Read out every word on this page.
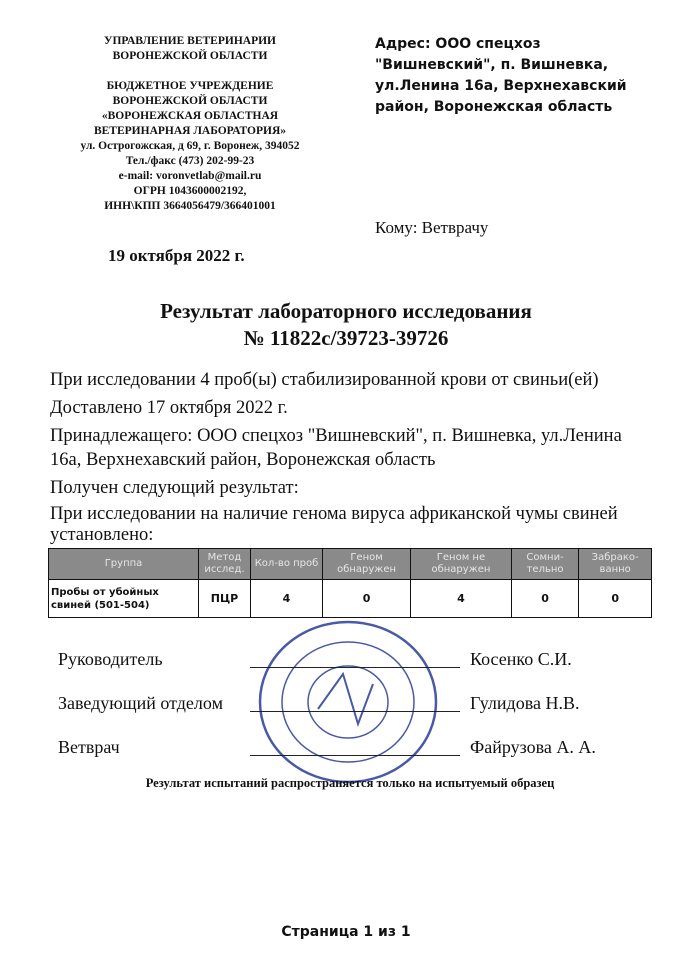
УПРАВЛЕНИЕ ВЕТЕРИНАРИИ
ВОРОНЕЖСКОЙ ОБЛАСТИ
БЮДЖЕТНОЕ УЧРЕЖДЕНИЕ
ВОРОНЕЖСКОЙ ОБЛАСТИ
«ВОРОНЕЖСКАЯ ОБЛАСТНАЯ
ВЕТЕРИНАРНАЯ ЛАБОРАТОРИЯ»
ул. Острогожская, д 69, г. Воронеж, 394052
Тел./факс (473) 202-99-23
e-mail: voronvetlab@mail.ru
ОГРН 1043600002192,
ИНН\КПП 3664056479/366401001
Адрес: ООО спецхоз "Вишневский", п. Вишневка, ул.Ленина 16а, Верхнехавский район, Воронежская область
Кому: Ветврачу
19 октября 2022 г.
Результат лабораторного исследования
№ 11822с/39723-39726

При исследовании 4 проб(ы) стабилизированной крови от свиньи(ей)

Доставлено 17 октября 2022 г.

Принадлежащего: ООО спецхоз "Вишневский", п. Вишневка, ул.Ленина 16а, Верхнехавский район, Воронежская область

Получен следующий результат:

При исследовании на наличие генома вируса африканской чумы свиней установлено:

Группа	Метод исслед.	Кол-во проб	Геном обнаружен	Геном не обнаружен	Сомни-тельно	Забрако-ванно
Пробы от убойных свиней (501-504)	ПЦР	4	0	4	0	0
Руководитель	Косенко С.И.
Заведующий отделом	Гулидова Н.В.
Ветврач	Файрузова А. А.
Результат испытаний распространяется только на испытуемый образец
Страница 1 из 1
